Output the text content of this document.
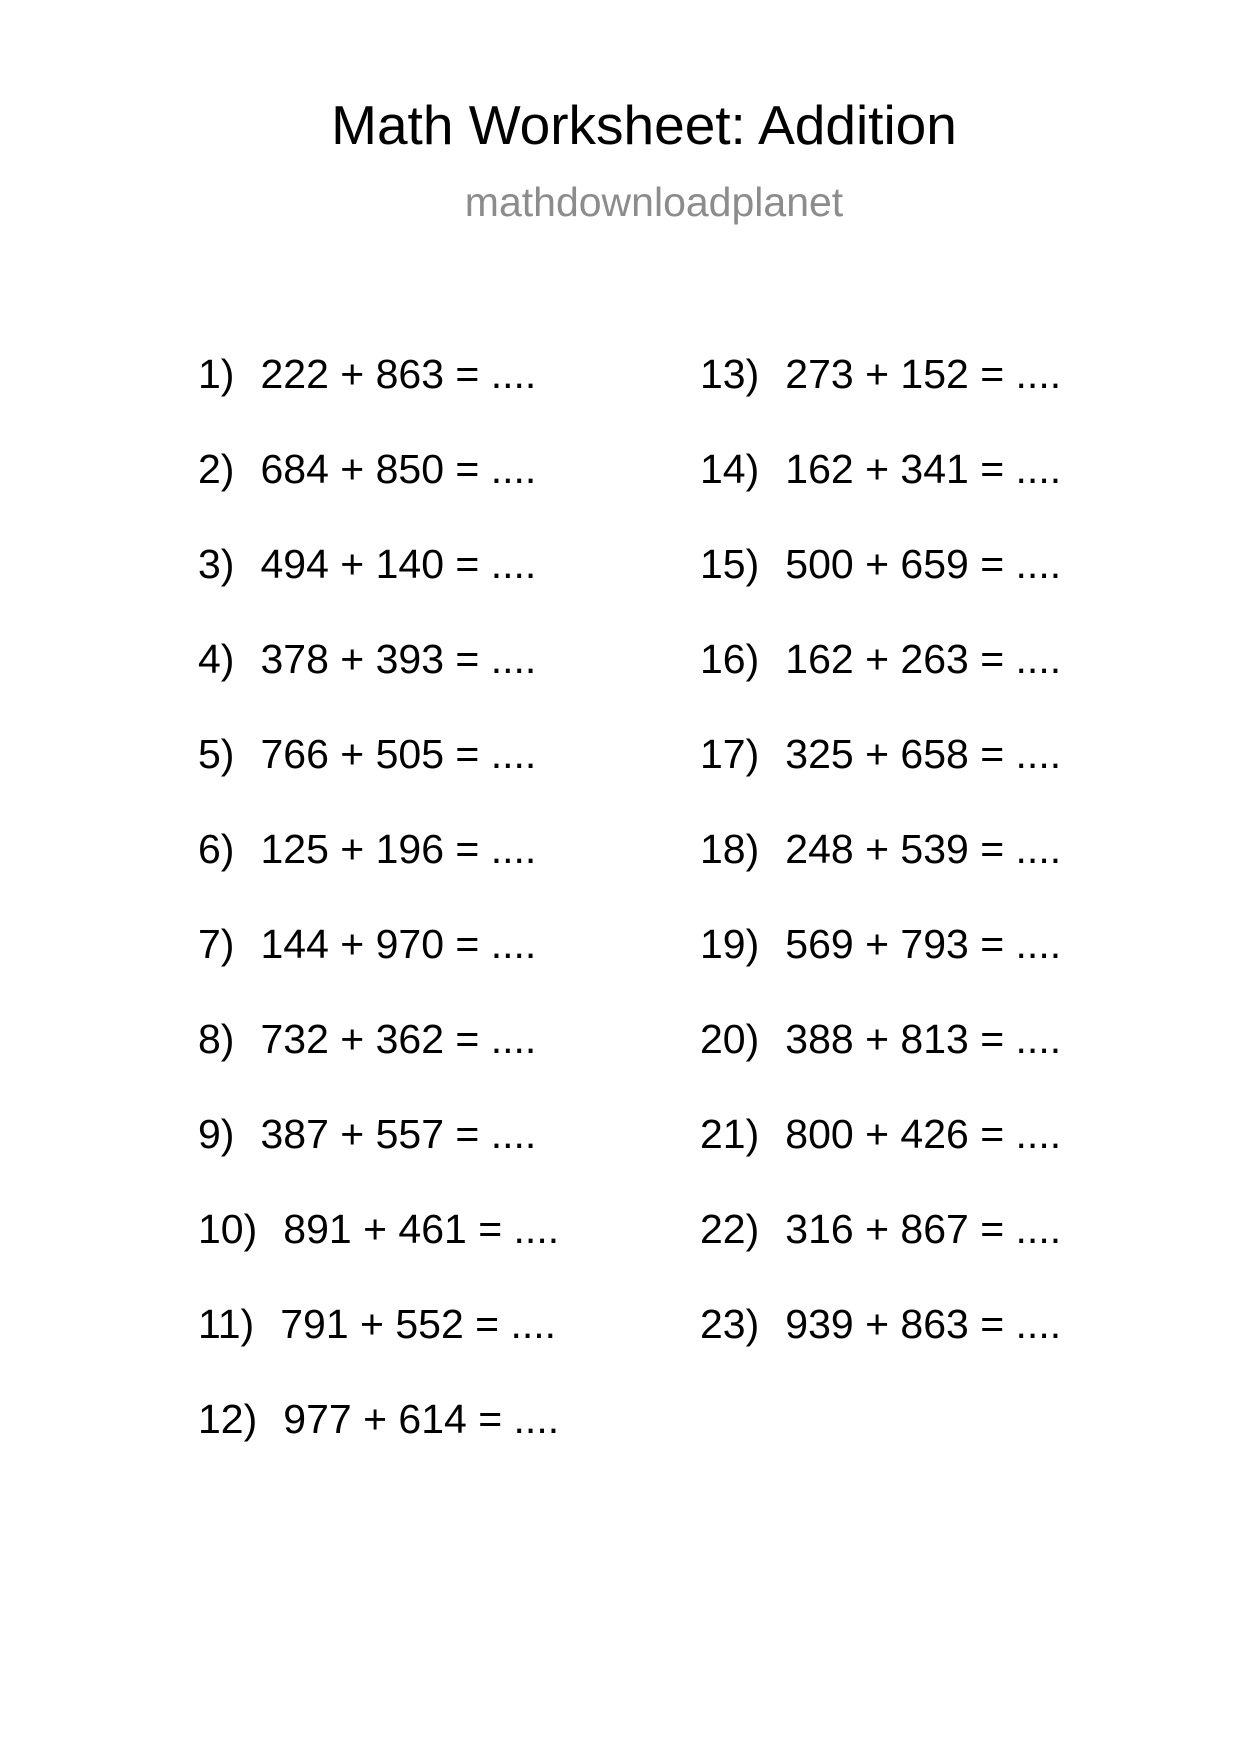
Math Worksheet: Addition
mathdownloadplanet
1) 222 + 863 = ....
2) 684 + 850 = ....
3) 494 + 140 = ....
4) 378 + 393 = ....
5) 766 + 505 = ....
6) 125 + 196 = ....
7) 144 + 970 = ....
8) 732 + 362 = ....
9) 387 + 557 = ....
10) 891 + 461 = ....
11) 791 + 552 = ....
12) 977 + 614 = ....
13) 273 + 152 = ....
14) 162 + 341 = ....
15) 500 + 659 = ....
16) 162 + 263 = ....
17) 325 + 658 = ....
18) 248 + 539 = ....
19) 569 + 793 = ....
20) 388 + 813 = ....
21) 800 + 426 = ....
22) 316 + 867 = ....
23) 939 + 863 = ....
